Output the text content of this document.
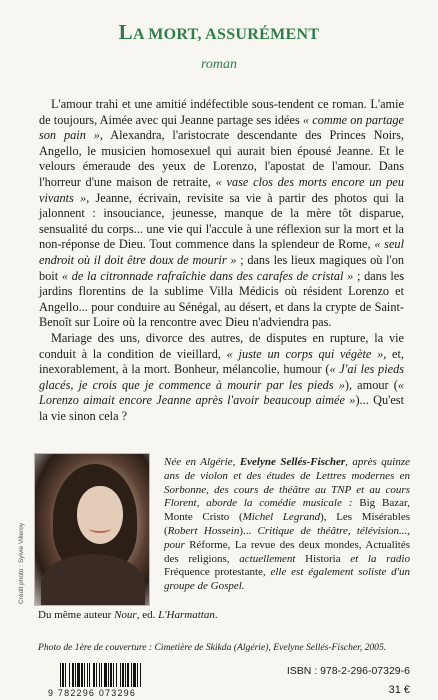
LA MORT, ASSURÉMENT

roman

L'amour trahi et une amitié indéfectible sous-tendent ce roman. L'amie de toujours, Aimée avec qui Jeanne partage ses idées « comme on partage son pain », Alexandra, l'aristocrate descendante des Princes Noirs, Angello, le musicien homosexuel qui aurait bien épousé Jeanne. Et le velours émeraude des yeux de Lorenzo, l'apostat de l'amour. Dans l'horreur d'une maison de retraite, « vase clos des morts encore un peu vivants », Jeanne, écrivain, revisite sa vie à partir des photos qui la jalonnent : insouciance, jeunesse, manque de la mère tôt disparue, sensualité du corps... une vie qui l'accule à une réflexion sur la mort et la non-réponse de Dieu. Tout commence dans la splendeur de Rome, « seul endroit où il doit être doux de mourir » ; dans les lieux magiques où l'on boit « de la citronnade rafraîchie dans des carafes de cristal » ; dans les jardins florentins de la sublime Villa Médicis où résident Lorenzo et Angello... pour conduire au Sénégal, au désert, et dans la crypte de Saint-Benoît sur Loire où la rencontre avec Dieu n'adviendra pas.

Mariage des uns, divorce des autres, de disputes en rupture, la vie conduit à la condition de vieillard, « juste un corps qui végète », et, inexorablement, à la mort. Bonheur, mélancolie, humour (« J'ai les pieds glacés, je crois que je commence à mourir par les pieds »), amour (« Lorenzo aimait encore Jeanne après l'avoir beaucoup aimée »)... Qu'est la vie sinon cela ?

Crédit photo : Sylvie Villeroy

Née en Algérie, Evelyne Sellés-Fischer, après quinze ans de violon et des études de Lettres modernes en Sorbonne, des cours de théâtre au TNP et au cours Florent, aborde la comédie musicale : Big Bazar, Monte Cristo (Michel Legrand), Les Misérables (Robert Hossein)... Critique de théâtre, télévision..., pour Réforme, La revue des deux mondes, Actualités des religions, actuellement Historia et la radio Fréquence protestante, elle est également soliste d'un groupe de Gospel.

Du même auteur Nour, ed. L'Harmattan.

Photo de 1ère de couverture : Cimetière de Skikda (Algérie), Evelyne Sellés-Fischer, 2005.

9 782296 073296

ISBN : 978-2-296-07329-6

31 €
